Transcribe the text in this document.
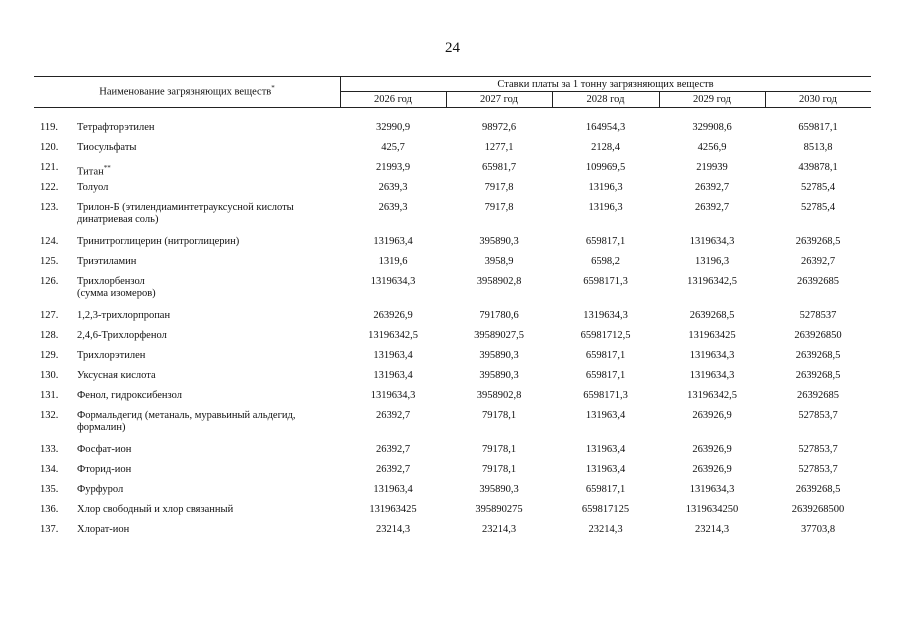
24
Наименование загрязняющих веществ*	Ставки платы за 1 тонну загрязняющих веществ
2026 год	2027 год	2028 год	2029 год	2030 год
119.	Тетрафторэтилен	32990,9	98972,6	164954,3	329908,6	659817,1
120.	Тиосульфаты	425,7	1277,1	2128,4	4256,9	8513,8
121.	Титан**	21993,9	65981,7	109969,5	219939	439878,1
122.	Толуол	2639,3	7917,8	13196,3	26392,7	52785,4
123.	Трилон-Б (этилендиаминтетрауксусной кислоты
динатриевая соль)
2639,3	7917,8	13196,3	26392,7	52785,4
124.	Тринитроглицерин (нитроглицерин)	131963,4	395890,3	659817,1	1319634,3	2639268,5
125.	Триэтиламин	1319,6	3958,9	6598,2	13196,3	26392,7
126.	Трихлорбензол
(сумма изомеров)
1319634,3	3958902,8	6598171,3	13196342,5	26392685
127.	1,2,3-трихлорпропан	263926,9	791780,6	1319634,3	2639268,5	5278537
128.	2,4,6-Трихлорфенол	13196342,5	39589027,5	65981712,5	131963425	263926850
129.	Трихлорэтилен	131963,4	395890,3	659817,1	1319634,3	2639268,5
130.	Уксусная кислота	131963,4	395890,3	659817,1	1319634,3	2639268,5
131.	Фенол, гидроксибензол	1319634,3	3958902,8	6598171,3	13196342,5	26392685
132.	Формальдегид (метаналь, муравьиный альдегид,
формалин)
26392,7	79178,1	131963,4	263926,9	527853,7
133.	Фосфат-ион	26392,7	79178,1	131963,4	263926,9	527853,7
134.	Фторид-ион	26392,7	79178,1	131963,4	263926,9	527853,7
135.	Фурфурол	131963,4	395890,3	659817,1	1319634,3	2639268,5
136.	Хлор свободный и хлор связанный	131963425	395890275	659817125	1319634250	2639268500
137.	Хлорат-ион	23214,3	23214,3	23214,3	23214,3	37703,8
